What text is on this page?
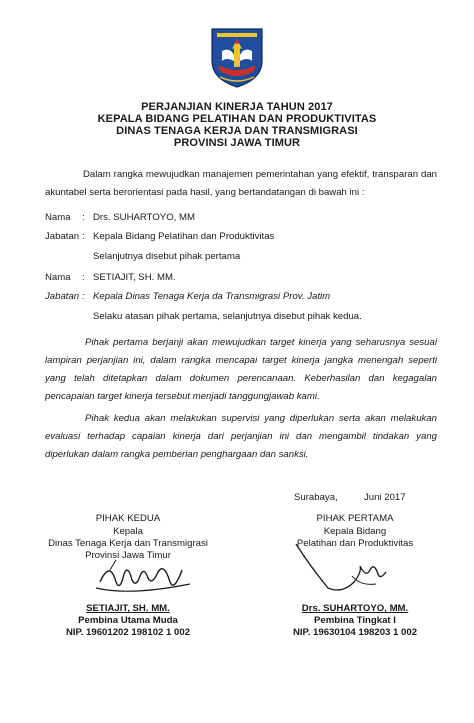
PERJANJIAN KINERJA TAHUN 2017
KEPALA BIDANG PELATIHAN DAN PRODUKTIVITAS
DINAS TENAGA KERJA DAN TRANSMIGRASI
PROVINSI JAWA TIMUR
Dalam rangka mewujudkan manajemen pemerintahan yang efektif, transparan dan akuntabel serta berorientasi pada hasil, yang bertandatangan di bawah ini :
Nama : Drs. SUHARTOYO, MM
Jabatan : Kepala Bidang Pelatihan dan Produktivitas
Selanjutnya disebut pihak pertama
Nama : SETIAJIT, SH. MM.
Jabatan : Kepala Dinas Tenaga Kerja da Transmigrasi Prov. Jatim
Selaku atasan pihak pertama, selanjutnya disebut pihak kedua.
Pihak pertama berjanji akan mewujudkan target kinerja yang seharusnya sesuai lampiran perjanjian ini, dalam rangka mencapai target kinerja jangka menengah seperti yang telah ditetapkan dalam dokumen perencanaan. Keberhasilan dan kegagalan pencapaian target kinerja tersebut menjadi tanggungjawab kami.
Pihak kedua akan melakukan supervisi yang diperlukan serta akan melakukan evaluasi terhadap capaian kinerja dari perjanjian ini dan mengambil tindakan yang diperlukan dalam rangka pemberian penghargaan dan sanksi.
Surabaya,	Juni 2017
PIHAK KEDUA
Kepala
Dinas Tenaga Kerja dan Transmigrasi
Provinsi Jawa Timur
SETIAJIT, SH. MM.
Pembina Utama Muda
NIP. 19601202 198102 1 002
PIHAK PERTAMA
Kepala Bidang
Pelatihan dan Produktivitas
Drs. SUHARTOYO, MM.
Pembina Tingkat I
NIP. 19630104 198203 1 002
